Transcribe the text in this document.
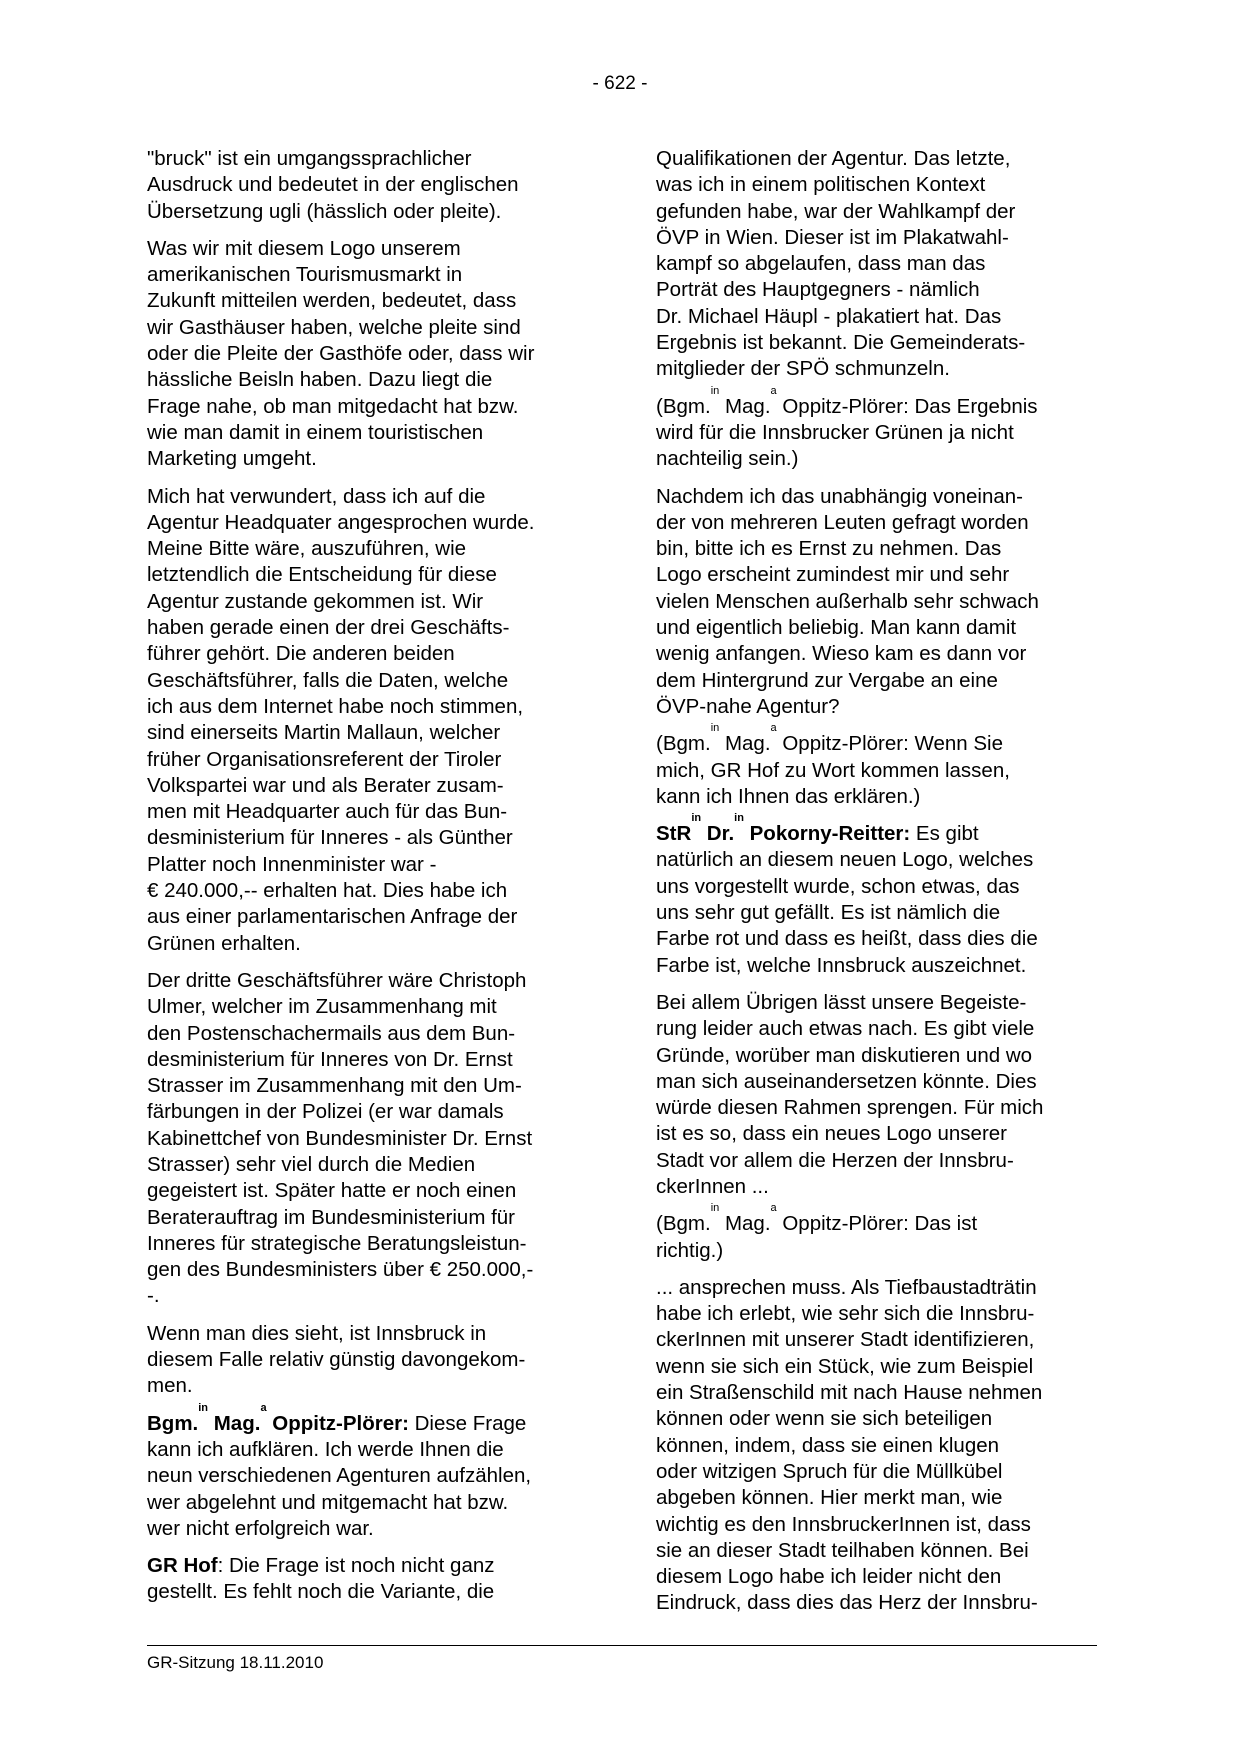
- 622 -

"bruck" ist ein umgangssprachlicher
Ausdruck und bedeutet in der englischen
Übersetzung ugli (hässlich oder pleite).

Was wir mit diesem Logo unserem
amerikanischen Tourismusmarkt in
Zukunft mitteilen werden, bedeutet, dass
wir Gasthäuser haben, welche pleite sind
oder die Pleite der Gasthöfe oder, dass wir
hässliche Beisln haben. Dazu liegt die
Frage nahe, ob man mitgedacht hat bzw.
wie man damit in einem touristischen
Marketing umgeht.

Mich hat verwundert, dass ich auf die
Agentur Headquater angesprochen wurde.
Meine Bitte wäre, auszuführen, wie
letztendlich die Entscheidung für diese
Agentur zustande gekommen ist. Wir
haben gerade einen der drei Geschäfts-
führer gehört. Die anderen beiden
Geschäftsführer, falls die Daten, welche
ich aus dem Internet habe noch stimmen,
sind einerseits Martin Mallaun, welcher
früher Organisationsreferent der Tiroler
Volkspartei war und als Berater zusam-
men mit Headquarter auch für das Bun-
desministerium für Inneres - als Günther
Platter noch Innenminister war -
€ 240.000,-- erhalten hat. Dies habe ich
aus einer parlamentarischen Anfrage der
Grünen erhalten.

Der dritte Geschäftsführer wäre Christoph
Ulmer, welcher im Zusammenhang mit
den Postenschachermails aus dem Bun-
desministerium für Inneres von Dr. Ernst
Strasser im Zusammenhang mit den Um-
färbungen in der Polizei (er war damals
Kabinettchef von Bundesminister Dr. Ernst
Strasser) sehr viel durch die Medien
gegeistert ist. Später hatte er noch einen
Beraterauftrag im Bundesministerium für
Inneres für strategische Beratungsleistun-
gen des Bundesministers über € 250.000,-
-.

Wenn man dies sieht, ist Innsbruck in
diesem Falle relativ günstig davongekom-
men.

Bgm.$^{in}$ Mag.$^a$ Oppitz-Plörer: Diese Frage
kann ich aufklären. Ich werde Ihnen die
neun verschiedenen Agenturen aufzählen,
wer abgelehnt und mitgemacht hat bzw.
wer nicht erfolgreich war.

GR Hof: Die Frage ist noch nicht ganz
gestellt. Es fehlt noch die Variante, die

Qualifikationen der Agentur. Das letzte,
was ich in einem politischen Kontext
gefunden habe, war der Wahlkampf der
ÖVP in Wien. Dieser ist im Plakatwahl-
kampf so abgelaufen, dass man das
Porträt des Hauptgegners - nämlich
Dr. Michael Häupl - plakatiert hat. Das
Ergebnis ist bekannt. Die Gemeinderats-
mitglieder der SPÖ schmunzeln.

(Bgm.$^{in}$ Mag.$^a$ Oppitz-Plörer: Das Ergebnis
wird für die Innsbrucker Grünen ja nicht
nachteilig sein.)

Nachdem ich das unabhängig voneinan-
der von mehreren Leuten gefragt worden
bin, bitte ich es Ernst zu nehmen. Das
Logo erscheint zumindest mir und sehr
vielen Menschen außerhalb sehr schwach
und eigentlich beliebig. Man kann damit
wenig anfangen. Wieso kam es dann vor
dem Hintergrund zur Vergabe an eine
ÖVP-nahe Agentur?

(Bgm.$^{in}$ Mag.$^a$ Oppitz-Plörer: Wenn Sie
mich, GR Hof zu Wort kommen lassen,
kann ich Ihnen das erklären.)

StR$^{in}$ Dr.$^{in}$ Pokorny-Reitter: Es gibt
natürlich an diesem neuen Logo, welches
uns vorgestellt wurde, schon etwas, das
uns sehr gut gefällt. Es ist nämlich die
Farbe rot und dass es heißt, dass dies die
Farbe ist, welche Innsbruck auszeichnet.

Bei allem Übrigen lässt unsere Begeiste-
rung leider auch etwas nach. Es gibt viele
Gründe, worüber man diskutieren und wo
man sich auseinandersetzen könnte. Dies
würde diesen Rahmen sprengen. Für mich
ist es so, dass ein neues Logo unserer
Stadt vor allem die Herzen der Innsbru-
ckerInnen ...

(Bgm.$^{in}$ Mag.$^a$ Oppitz-Plörer: Das ist
richtig.)

... ansprechen muss. Als Tiefbaustadträtin
habe ich erlebt, wie sehr sich die Innsbru-
ckerInnen mit unserer Stadt identifizieren,
wenn sie sich ein Stück, wie zum Beispiel
ein Straßenschild mit nach Hause nehmen
können oder wenn sie sich beteiligen
können, indem, dass sie einen klugen
oder witzigen Spruch für die Müllkübel
abgeben können. Hier merkt man, wie
wichtig es den InnsbruckerInnen ist, dass
sie an dieser Stadt teilhaben können. Bei
diesem Logo habe ich leider nicht den
Eindruck, dass dies das Herz der Innsbru-

GR-Sitzung 18.11.2010
